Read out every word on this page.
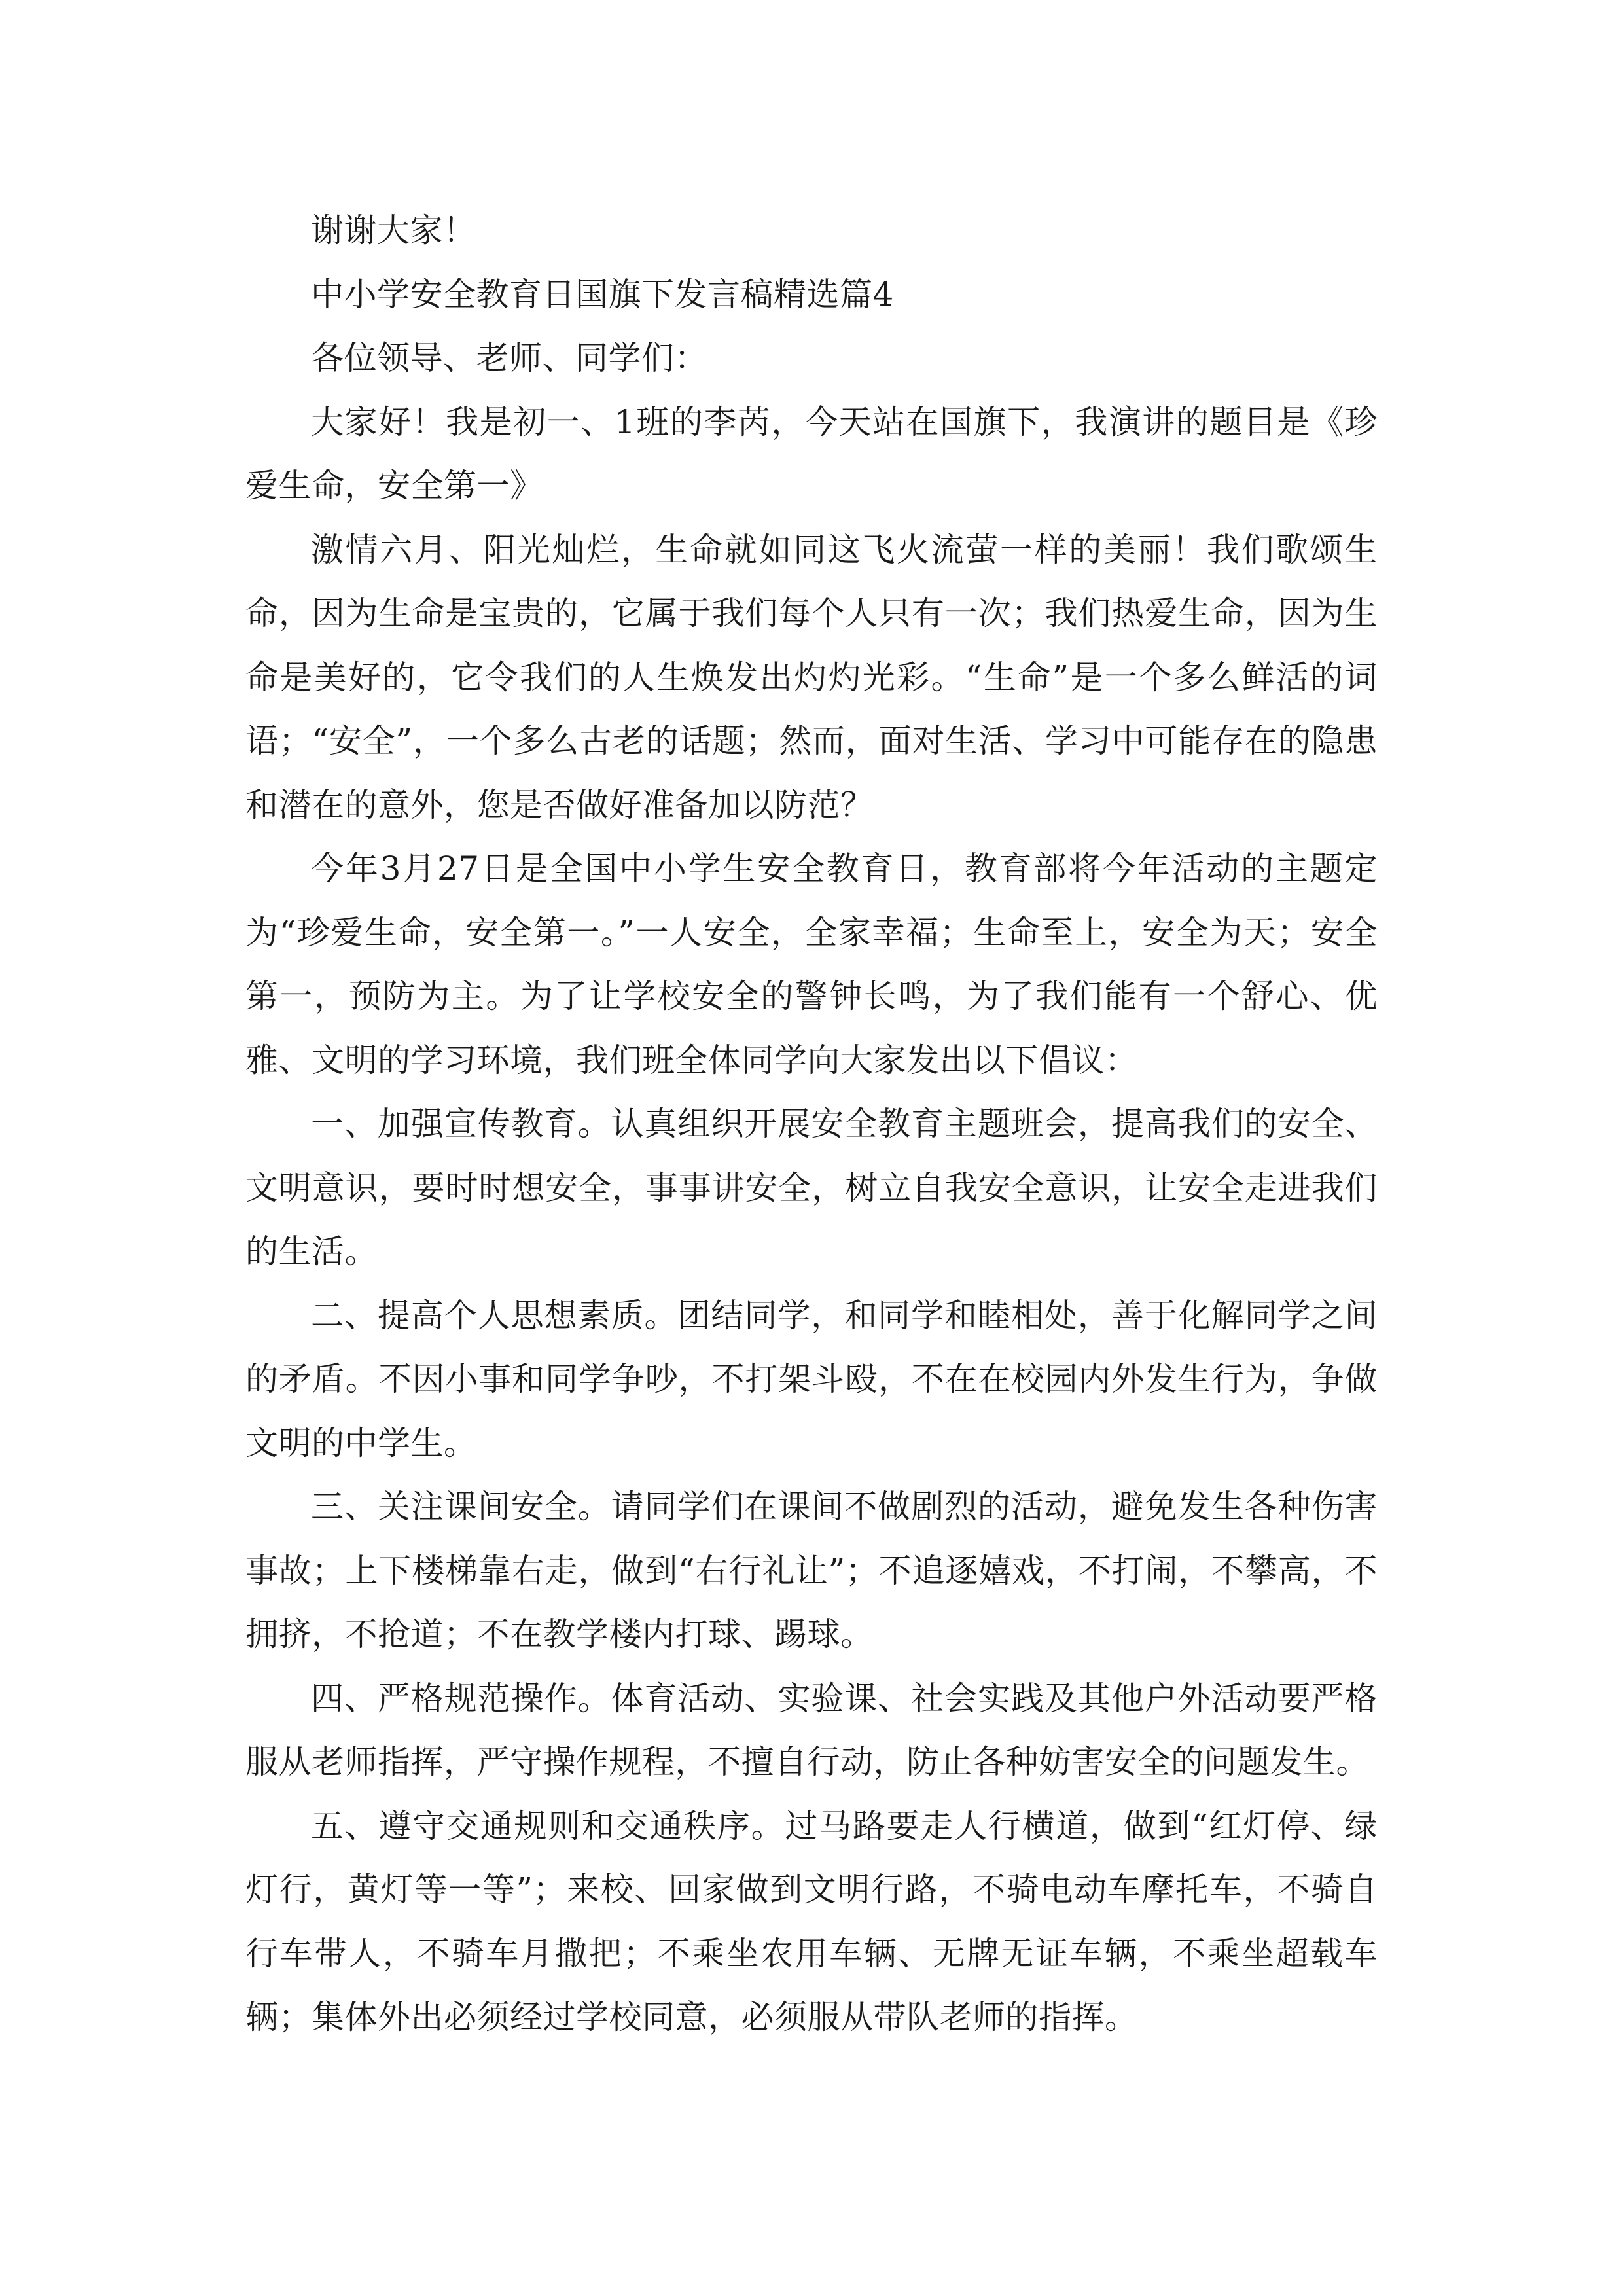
谢谢大家！

中小学安全教育日国旗下发言稿精选篇4

各位领导、老师、同学们：

大家好！我是初一、1班的李芮，今天站在国旗下，我演讲的题目是《珍爱生命，安全第一》

激情六月、阳光灿烂，生命就如同这飞火流萤一样的美丽！我们歌颂生命，因为生命是宝贵的，它属于我们每个人只有一次；我们热爱生命，因为生命是美好的，它令我们的人生焕发出灼灼光彩。“生命”是一个多么鲜活的词语；“安全”，一个多么古老的话题；然而，面对生活、学习中可能存在的隐患和潜在的意外，您是否做好准备加以防范？

今年3月27日是全国中小学生安全教育日，教育部将今年活动的主题定为“珍爱生命，安全第一。”一人安全，全家幸福；生命至上，安全为天；安全第一，预防为主。为了让学校安全的警钟长鸣，为了我们能有一个舒心、优雅、文明的学习环境，我们班全体同学向大家发出以下倡议：

一、加强宣传教育。认真组织开展安全教育主题班会，提高我们的安全、文明意识，要时时想安全，事事讲安全，树立自我安全意识，让安全走进我们的生活。

二、提高个人思想素质。团结同学，和同学和睦相处，善于化解同学之间的矛盾。不因小事和同学争吵，不打架斗殴，不在在校园内外发生行为，争做文明的中学生。

三、关注课间安全。请同学们在课间不做剧烈的活动，避免发生各种伤害事故；上下楼梯靠右走，做到“右行礼让”；不追逐嬉戏，不打闹，不攀高，不拥挤，不抢道；不在教学楼内打球、踢球。

四、严格规范操作。体育活动、实验课、社会实践及其他户外活动要严格服从老师指挥，严守操作规程，不擅自行动，防止各种妨害安全的问题发生。

五、遵守交通规则和交通秩序。过马路要走人行横道，做到“红灯停、绿灯行，黄灯等一等”；来校、回家做到文明行路，不骑电动车摩托车，不骑自行车带人，不骑车月撒把；不乘坐农用车辆、无牌无证车辆，不乘坐超载车辆；集体外出必须经过学校同意，必须服从带队老师的指挥。
